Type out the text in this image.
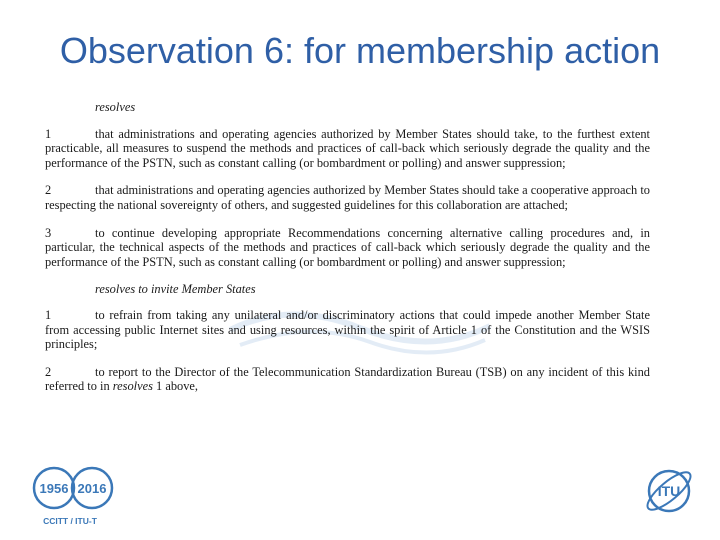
Observation 6: for membership action
resolves
1	that administrations and operating agencies authorized by Member States should take, to the furthest extent practicable, all measures to suspend the methods and practices of call-back which seriously degrade the quality and the performance of the PSTN, such as constant calling (or bombardment or polling) and answer suppression;
2	that administrations and operating agencies authorized by Member States should take a cooperative approach to respecting the national sovereignty of others, and suggested guidelines for this collaboration are attached;
3	to continue developing appropriate Recommendations concerning alternative calling procedures and, in particular, the technical aspects of the methods and practices of call-back which seriously degrade the quality and the performance of the PSTN, such as constant calling (or bombardment or polling) and answer suppression;
resolves to invite Member States
1	to refrain from taking any unilateral and/or discriminatory actions that could impede another Member State from accessing public Internet sites and using resources, within the spirit of Article 1 of the Constitution and the WSIS principles;
2	to report to the Director of the Telecommunication Standardization Bureau (TSB) on any incident of this kind referred to in resolves 1 above,
1956 2016
CCITT / ITU-T
ITU
